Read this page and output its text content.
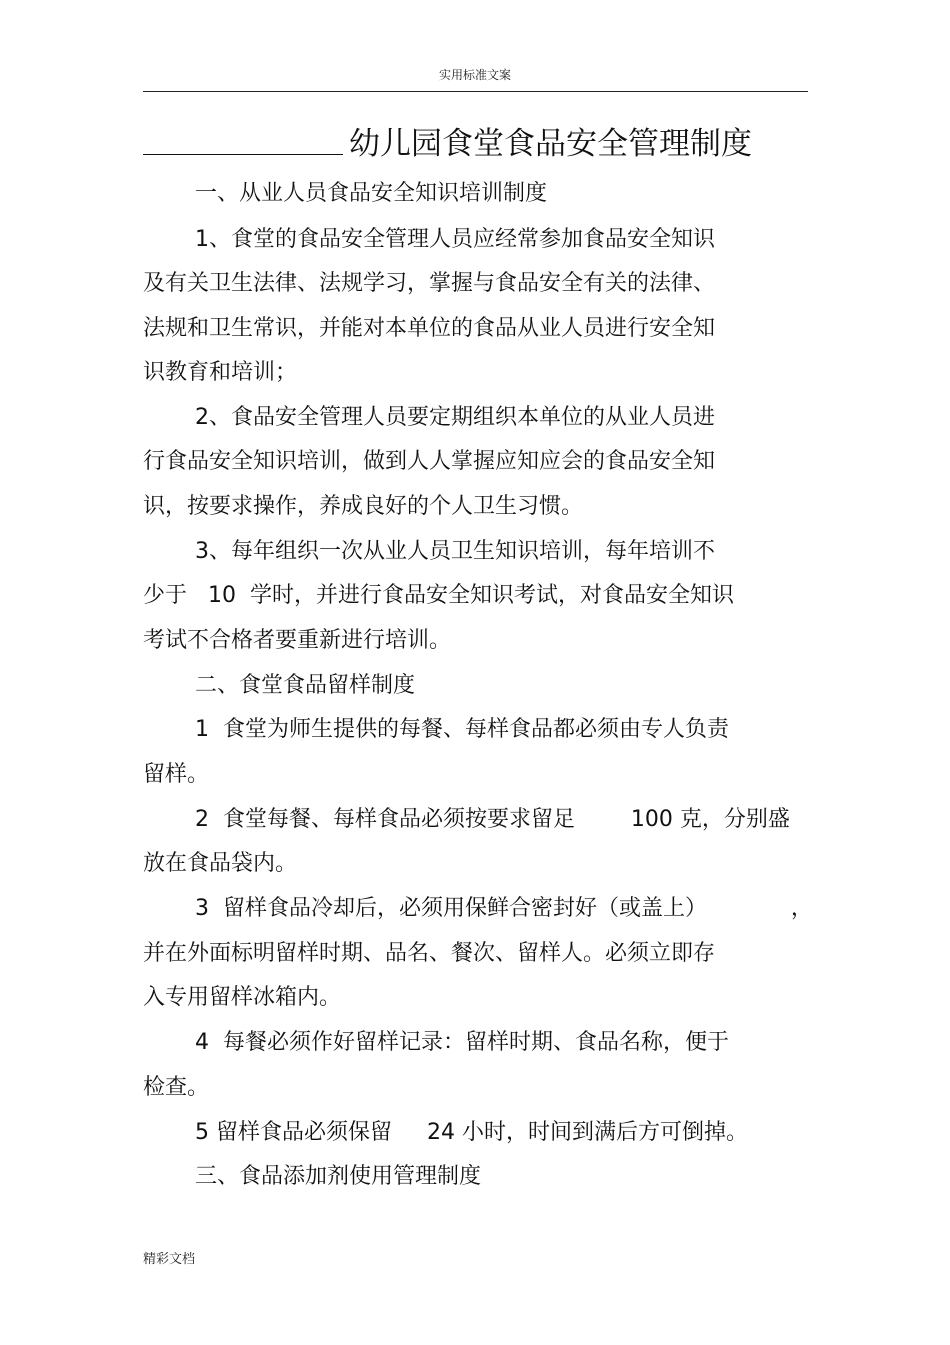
实用标准文案
幼儿园食堂食品安全管理制度
一、从业人员食品安全知识培训制度
1、食堂的食品安全管理人员应经常参加食品安全知识
及有关卫生法律、法规学习，掌握与食品安全有关的法律、
法规和卫生常识，并能对本单位的食品从业人员进行安全知
识教育和培训；
2、食品安全管理人员要定期组织本单位的从业人员进
行食品安全知识培训，做到人人掌握应知应会的食品安全知
识，按要求操作，养成良好的个人卫生习惯。
3、每年组织一次从业人员卫生知识培训，每年培训不
少于   10  学时，并进行食品安全知识考试，对食品安全知识
考试不合格者要重新进行培训。
二、食堂食品留样制度
1  食堂为师生提供的每餐、每样食品都必须由专人负责
留样。
2  食堂每餐、每样食品必须按要求留足        100 克，分别盛
放在食品袋内。
3  留样食品冷却后，必须用保鲜合密封好（或盖上）            ，
并在外面标明留样时期、品名、餐次、留样人。必须立即存
入专用留样冰箱内。
4  每餐必须作好留样记录：留样时期、食品名称，便于
检查。
5 留样食品必须保留     24 小时，时间到满后方可倒掉。
三、食品添加剂使用管理制度
精彩文档
